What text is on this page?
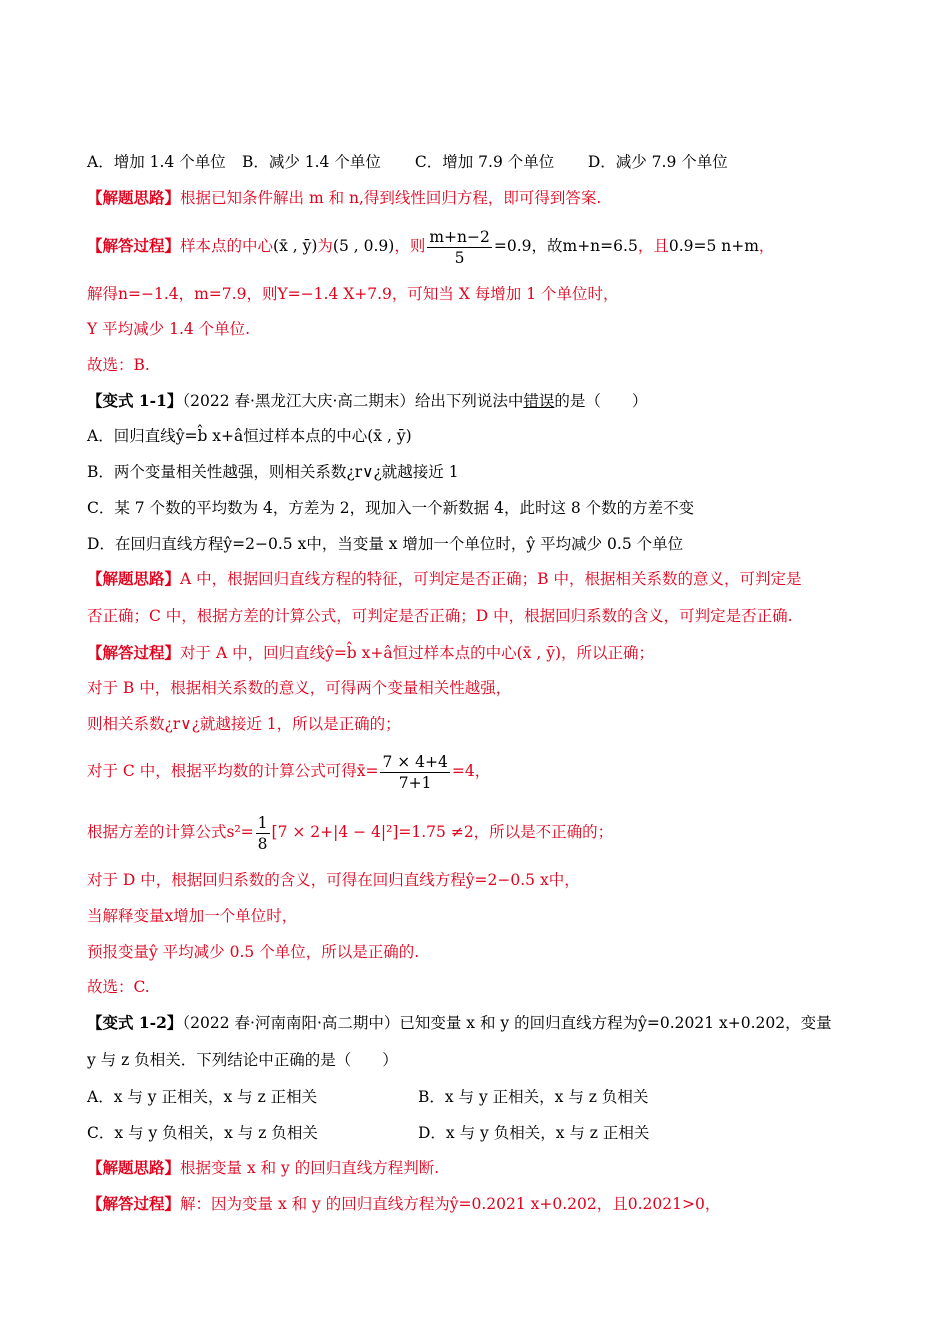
A．增加 1.4 个单位 B．减少 1.4 个单位 C．增加 7.9 个单位 D．减少 7.9 个单位
【解题思路】根据已知条件解出 m 和 n,得到线性回归方程，即可得到答案.
【解答过程】样本点的中心(x̄ , ȳ)为(5 , 0.9)，则 $\frac{m+n-2}{5} =0.9$，故m+n=6.5，且0.9=5 n+m，
解得n=−1.4，m=7.9，则Y=−1.4 X+7.9，可知当 X 每增加 1 个单位时，
Y 平均减少 1.4 个单位.
故选：B.
【变式 1-1】（2022 春·黑龙江大庆·高二期末）给出下列说法中错误的是（　　）
A．回归直线ŷ=b̂ x+â恒过样本点的中心(x̄ , ȳ)
B．两个变量相关性越强，则相关系数¿r∨¿就越接近 1
C．某 7 个数的平均数为 4，方差为 2，现加入一个新数据 4，此时这 8 个数的方差不变
D．在回归直线方程ŷ=2−0.5 x中，当变量 x 增加一个单位时，ŷ 平均减少 0.5 个单位
【解题思路】A 中，根据回归直线方程的特征，可判定是否正确；B 中，根据相关系数的意义，可判定是
否正确；C 中，根据方差的计算公式，可判定是否正确；D 中，根据回归系数的含义，可判定是否正确.
【解答过程】对于 A 中，回归直线ŷ=b̂ x+â恒过样本点的中心(x̄ , ȳ)，所以正确；
对于 B 中，根据相关系数的意义，可得两个变量相关性越强，
则相关系数¿r∨¿就越接近 1，所以是正确的；
对于 C 中，根据平均数的计算公式可得x̄= $\frac{7 \times 4+4}{7+1} =4$，
根据方差的计算公式$s^2= \frac{1}{8} [7 \times 2+|4 - 4|^2]=1.75 \ne 2$，所以是不正确的；
对于 D 中，根据回归系数的含义，可得在回归直线方程ŷ=2−0.5 x中，
当解释变量x增加一个单位时，
预报变量ŷ 平均减少 0.5 个单位，所以是正确的.
故选：C.
【变式 1-2】（2022 春·河南南阳·高二期中）已知变量 x 和 y 的回归直线方程为ŷ=0.2021 x+0.202，变量
y 与 z 负相关．下列结论中正确的是（　　）
A．x 与 y 正相关，x 与 z 正相关	B．x 与 y 正相关，x 与 z 负相关
C．x 与 y 负相关，x 与 z 负相关	D．x 与 y 负相关，x 与 z 正相关
【解题思路】根据变量 x 和 y 的回归直线方程判断.
【解答过程】解：因为变量 x 和 y 的回归直线方程为ŷ=0.2021 x+0.202，且0.2021>0，
